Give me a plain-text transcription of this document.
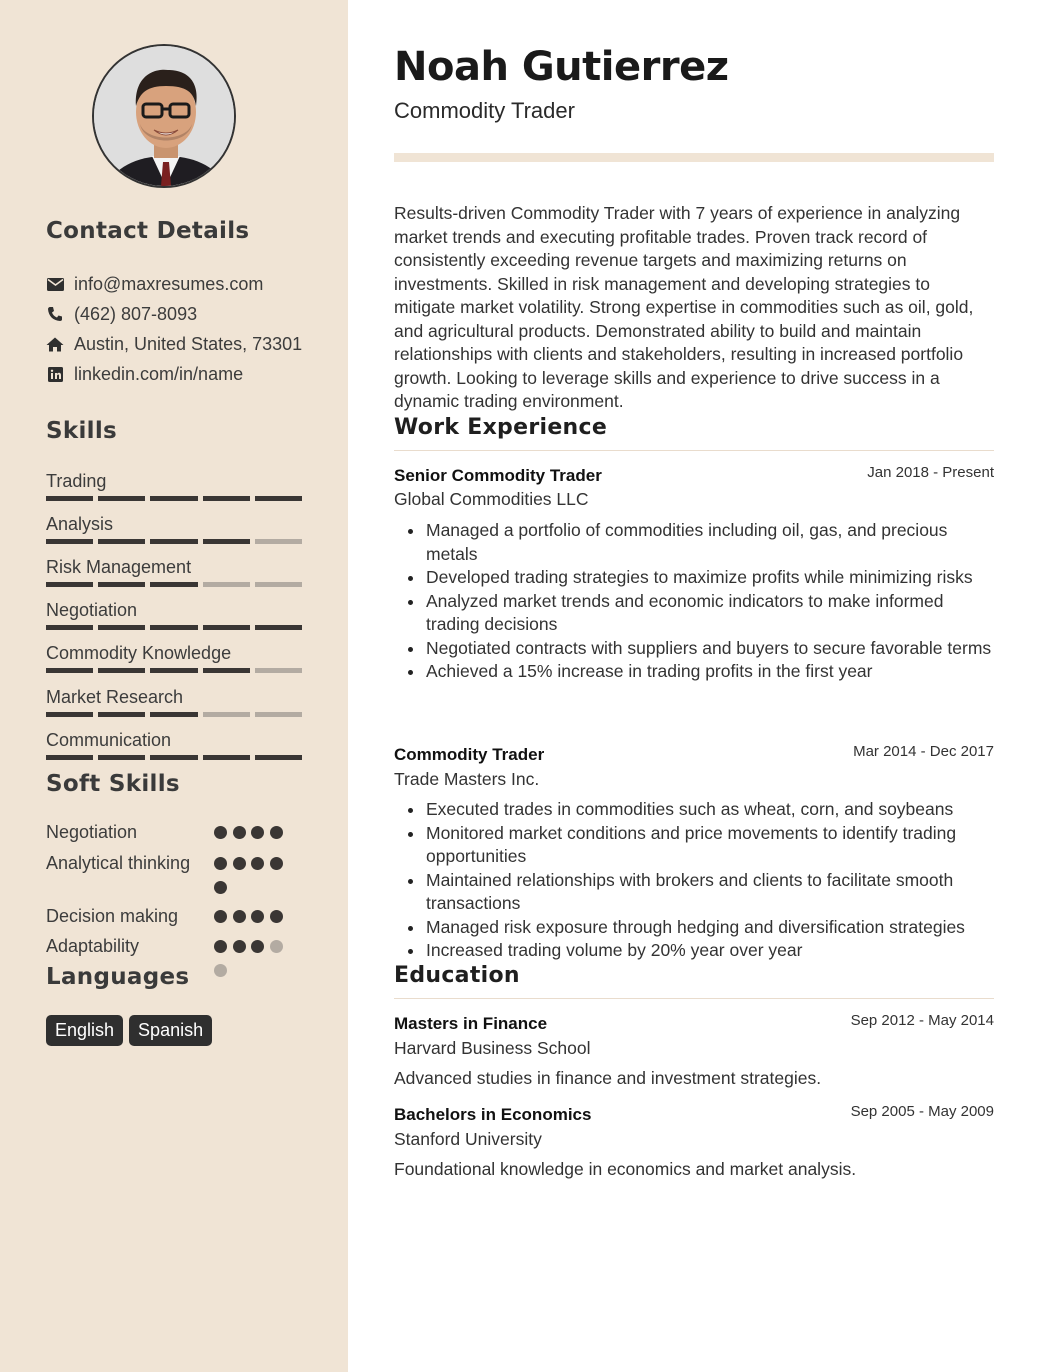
Contact Details
info@maxresumes.com
(462) 807-8093
Austin, United States, 73301
linkedin.com/in/name
Skills
Trading
Analysis
Risk Management
Negotiation
Commodity Knowledge
Market Research
Communication
Soft Skills
Negotiation
Analytical thinking
Decision making
Adaptability
Languages
English	Spanish
Noah Gutierrez
Commodity Trader
Results-driven Commodity Trader with 7 years of experience in analyzing market trends and executing profitable trades. Proven track record of consistently exceeding revenue targets and maximizing returns on investments. Skilled in risk management and developing strategies to mitigate market volatility. Strong expertise in commodities such as oil, gold, and agricultural products. Demonstrated ability to build and maintain relationships with clients and stakeholders, resulting in increased portfolio growth. Looking to leverage skills and experience to drive success in a dynamic trading environment.
Work Experience
Senior Commodity Trader	Jan 2018 - Present
Global Commodities LLC
Managed a portfolio of commodities including oil, gas, and precious metals
Developed trading strategies to maximize profits while minimizing risks
Analyzed market trends and economic indicators to make informed trading decisions
Negotiated contracts with suppliers and buyers to secure favorable terms
Achieved a 15% increase in trading profits in the first year
Commodity Trader	Mar 2014 - Dec 2017
Trade Masters Inc.
Executed trades in commodities such as wheat, corn, and soybeans
Monitored market conditions and price movements to identify trading opportunities
Maintained relationships with brokers and clients to facilitate smooth transactions
Managed risk exposure through hedging and diversification strategies
Increased trading volume by 20% year over year
Education
Masters in Finance	Sep 2012 - May 2014
Harvard Business School
Advanced studies in finance and investment strategies.
Bachelors in Economics	Sep 2005 - May 2009
Stanford University
Foundational knowledge in economics and market analysis.
